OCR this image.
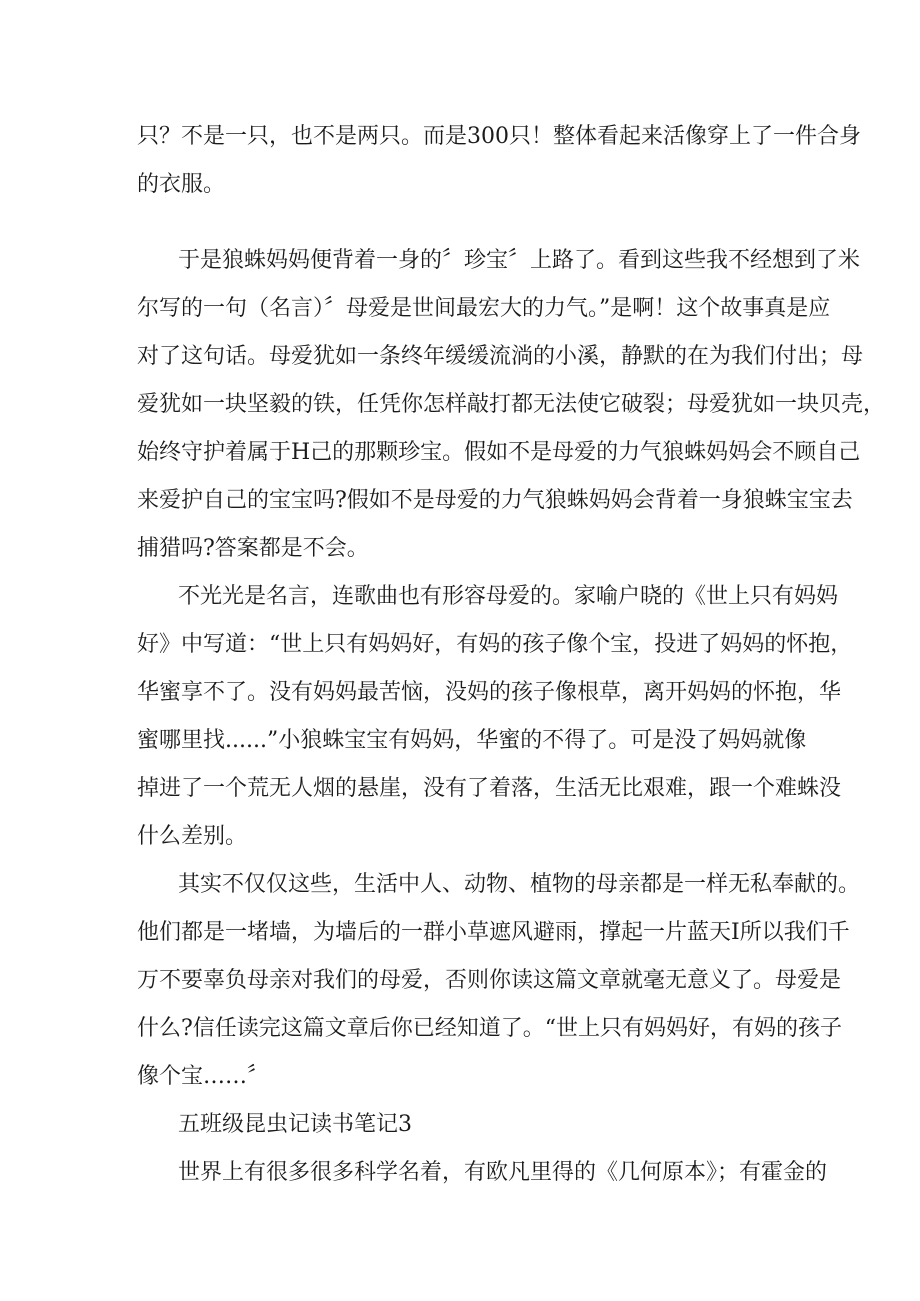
只？不是一只，也不是两只。而是300只！整体看起来活像穿上了一件合身
的衣服。
于是狼蛛妈妈便背着一身的〞珍宝〞上路了。看到这些我不经想到了米
尔写的一句（名言）〞母爱是世间最宏大的力气。”是啊！这个故事真是应
对了这句话。母爱犹如一条终年缓缓流淌的小溪，静默的在为我们付出；母
爱犹如一块坚毅的铁，任凭你怎样敲打都无法使它破裂；母爱犹如一块贝壳，
始终守护着属于H己的那颗珍宝。假如不是母爱的力气狼蛛妈妈会不顾自己
来爱护自己的宝宝吗?假如不是母爱的力气狼蛛妈妈会背着一身狼蛛宝宝去
捕猎吗?答案都是不会。
不光光是名言，连歌曲也有形容母爱的。家喻户晓的《世上只有妈妈
好》中写道：“世上只有妈妈好，有妈的孩子像个宝，投进了妈妈的怀抱，
华蜜享不了。没有妈妈最苦恼，没妈的孩子像根草，离开妈妈的怀抱，华
蜜哪里找......”小狼蛛宝宝有妈妈，华蜜的不得了。可是没了妈妈就像
掉进了一个荒无人烟的悬崖，没有了着落，生活无比艰难，跟一个难蛛没
什么差别。
其实不仅仅这些，生活中人、动物、植物的母亲都是一样无私奉献的。
他们都是一堵墙，为墙后的一群小草遮风避雨，撑起一片蓝天I所以我们千
万不要辜负母亲对我们的母爱，否则你读这篇文章就毫无意义了。母爱是
什么?信任读完这篇文章后你已经知道了。“世上只有妈妈好，有妈的孩子
像个宝……〞
五班级昆虫记读书笔记3
世界上有很多很多科学名着，有欧凡里得的《几何原本》；有霍金的
